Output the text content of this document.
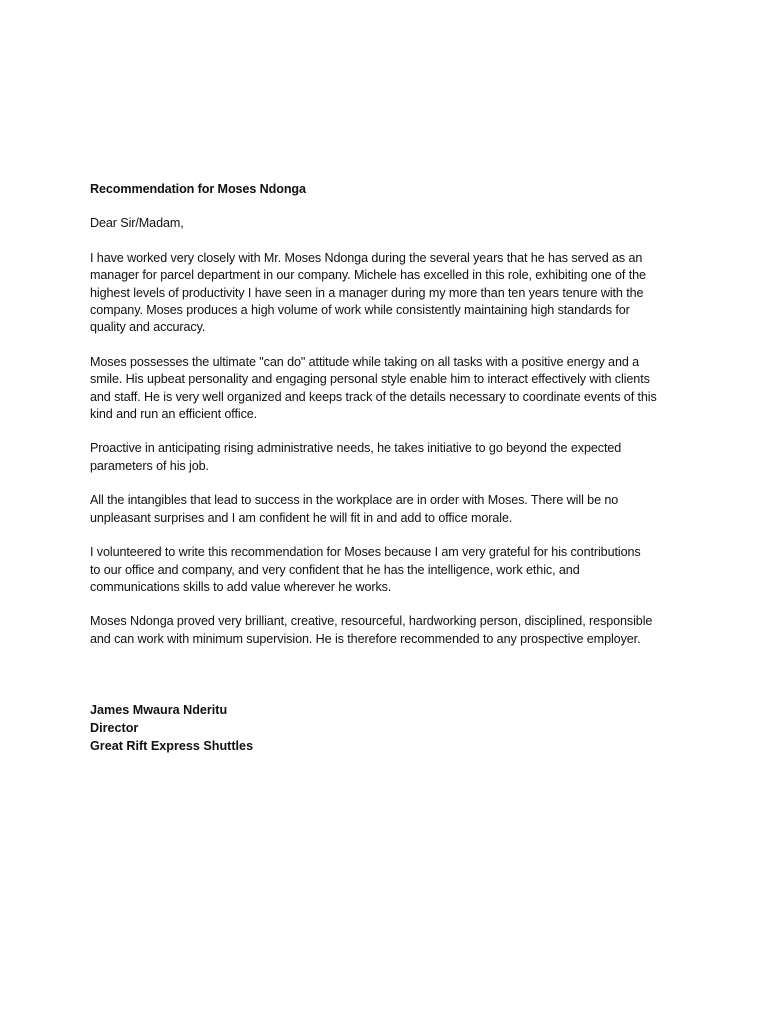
Recommendation for Moses Ndonga

Dear Sir/Madam,

I have worked very closely with Mr. Moses Ndonga during the several years that he has served as an
manager for parcel department in our company. Michele has excelled in this role, exhibiting one of the
highest levels of productivity I have seen in a manager during my more than ten years tenure with the
company. Moses produces a high volume of work while consistently maintaining high standards for
quality and accuracy.

Moses possesses the ultimate "can do" attitude while taking on all tasks with a positive energy and a
smile. His upbeat personality and engaging personal style enable him to interact effectively with clients
and staff. He is very well organized and keeps track of the details necessary to coordinate events of this
kind and run an efficient office.

Proactive in anticipating rising administrative needs, he takes initiative to go beyond the expected
parameters of his job.

All the intangibles that lead to success in the workplace are in order with Moses. There will be no
unpleasant surprises and I am confident he will fit in and add to office morale.

I volunteered to write this recommendation for Moses because I am very grateful for his contributions
to our office and company, and very confident that he has the intelligence, work ethic, and
communications skills to add value wherever he works.

Moses Ndonga proved very brilliant, creative, resourceful, hardworking person, disciplined, responsible
and can work with minimum supervision. He is therefore recommended to any prospective employer.

James Mwaura Nderitu
Director
Great Rift Express Shuttles
